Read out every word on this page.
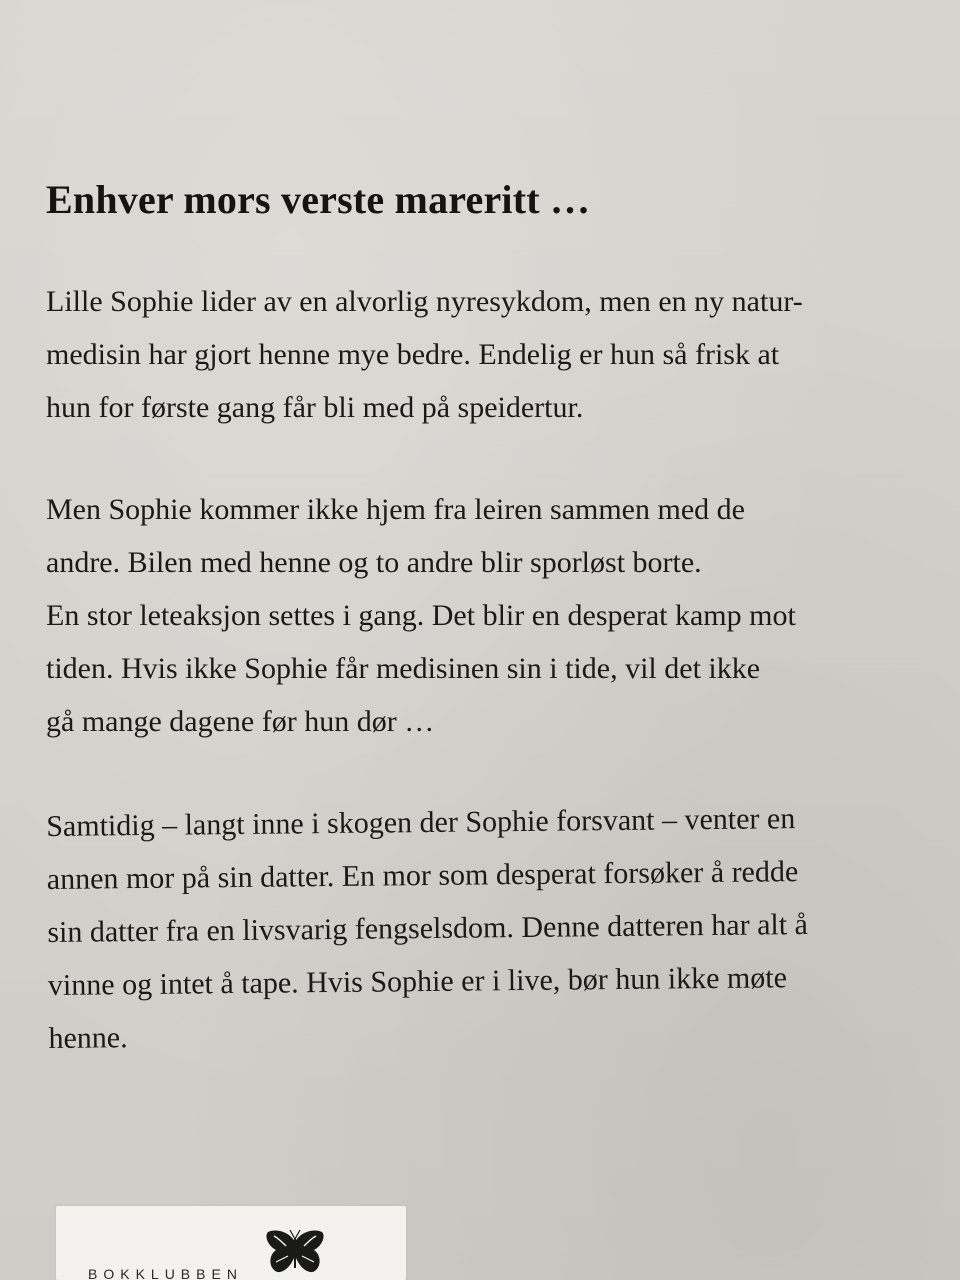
Enhver mors verste mareritt …
Lille Sophie lider av en alvorlig nyresykdom, men en ny natur-
medisin har gjort henne mye bedre. Endelig er hun så frisk at
hun for første gang får bli med på speidertur.
Men Sophie kommer ikke hjem fra leiren sammen med de
andre. Bilen med henne og to andre blir sporløst borte.
En stor leteaksjon settes i gang. Det blir en desperat kamp mot
tiden. Hvis ikke Sophie får medisinen sin i tide, vil det ikke
gå mange dagene før hun dør …
Samtidig – langt inne i skogen der Sophie forsvant – venter en
annen mor på sin datter. En mor som desperat forsøker å redde
sin datter fra en livsvarig fengselsdom. Denne datteren har alt å
vinne og intet å tape. Hvis Sophie er i live, bør hun ikke møte
henne.
BOKKLUBBEN
